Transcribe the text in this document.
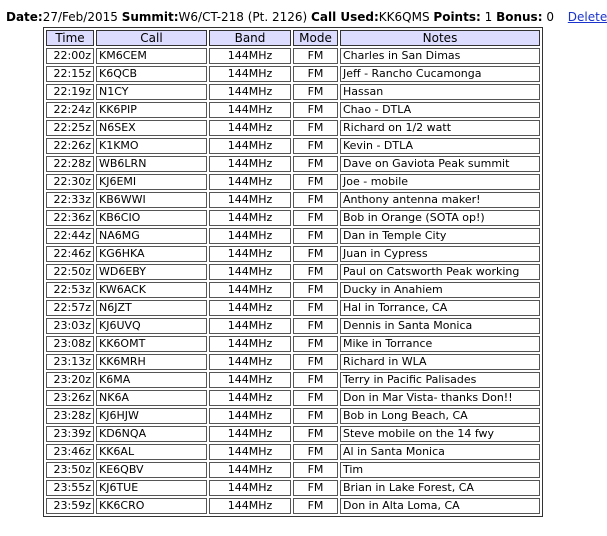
Date:27/Feb/2015 Summit:W6/CT-218 (Pt. 2126) Call Used:KK6QMS Points: 1 Bonus: 0 Delete
Time	Call	Band	Mode	Notes
22:00z	KM6CEM	144MHz	FM	Charles in San Dimas
22:15z	K6QCB	144MHz	FM	Jeff - Rancho Cucamonga
22:19z	N1CY	144MHz	FM	Hassan
22:24z	KK6PIP	144MHz	FM	Chao - DTLA
22:25z	N6SEX	144MHz	FM	Richard on 1/2 watt
22:26z	K1KMO	144MHz	FM	Kevin - DTLA
22:28z	WB6LRN	144MHz	FM	Dave on Gaviota Peak summit
22:30z	KJ6EMI	144MHz	FM	Joe - mobile
22:33z	KB6WWI	144MHz	FM	Anthony antenna maker!
22:36z	KB6CIO	144MHz	FM	Bob in Orange (SOTA op!)
22:44z	NA6MG	144MHz	FM	Dan in Temple City
22:46z	KG6HKA	144MHz	FM	Juan in Cypress
22:50z	WD6EBY	144MHz	FM	Paul on Catsworth Peak working
22:53z	KW6ACK	144MHz	FM	Ducky in Anahiem
22:57z	N6JZT	144MHz	FM	Hal in Torrance, CA
23:03z	KJ6UVQ	144MHz	FM	Dennis in Santa Monica
23:08z	KK6OMT	144MHz	FM	Mike in Torrance
23:13z	KK6MRH	144MHz	FM	Richard in WLA
23:20z	K6MA	144MHz	FM	Terry in Pacific Palisades
23:26z	NK6A	144MHz	FM	Don in Mar Vista- thanks Don!!
23:28z	KJ6HJW	144MHz	FM	Bob in Long Beach, CA
23:39z	KD6NQA	144MHz	FM	Steve mobile on the 14 fwy
23:46z	KK6AL	144MHz	FM	Al in Santa Monica
23:50z	KE6QBV	144MHz	FM	Tim
23:55z	KJ6TUE	144MHz	FM	Brian in Lake Forest, CA
23:59z	KK6CRO	144MHz	FM	Don in Alta Loma, CA
